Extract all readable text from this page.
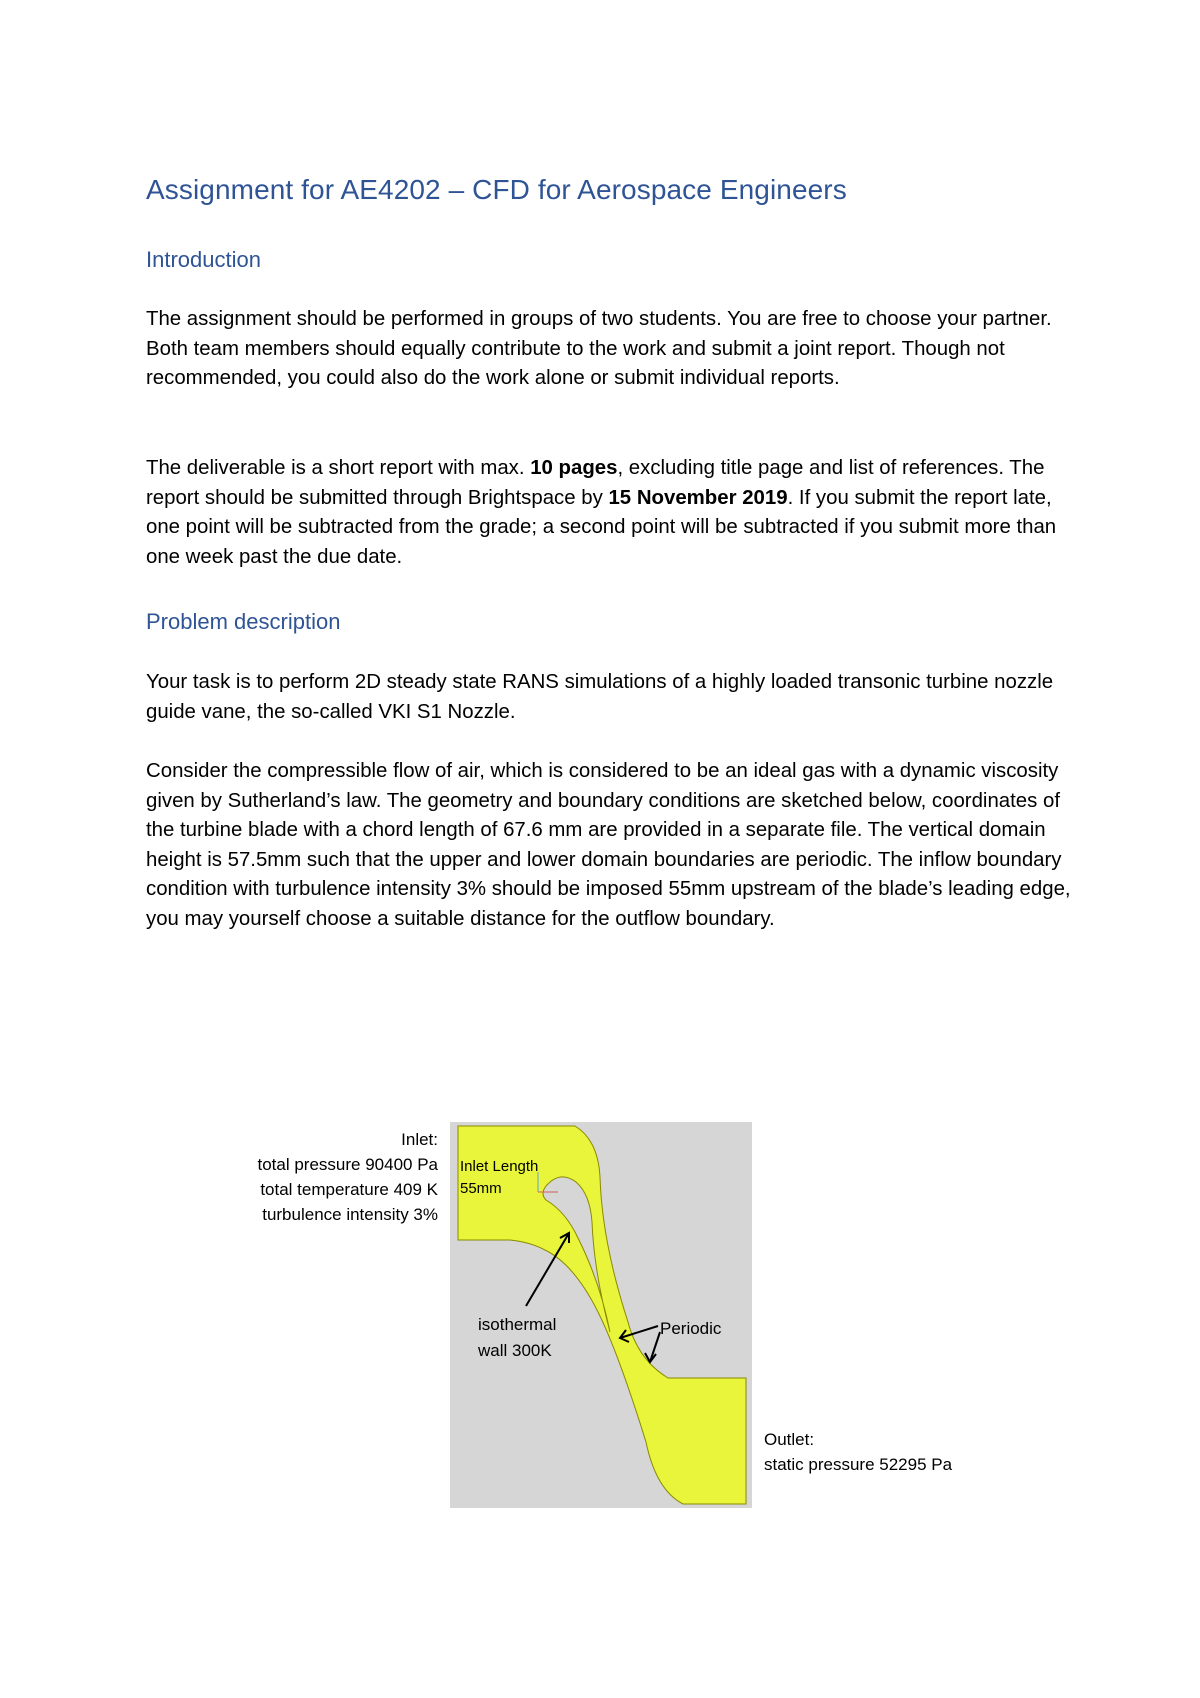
Assignment for AE4202 – CFD for Aerospace Engineers
Introduction

The assignment should be performed in groups of two students. You are free to choose your partner. Both team members should equally contribute to the work and submit a joint report. Though not recommended, you could also do the work alone or submit individual reports.

The deliverable is a short report with max. 10 pages, excluding title page and list of references. The report should be submitted through Brightspace by 15 November 2019. If you submit the report late, one point will be subtracted from the grade; a second point will be subtracted if you submit more than one week past the due date.

Problem description

Your task is to perform 2D steady state RANS simulations of a highly loaded transonic turbine nozzle guide vane, the so-called VKI S1 Nozzle.

Consider the compressible flow of air, which is considered to be an ideal gas with a dynamic viscosity given by Sutherland’s law. The geometry and boundary conditions are sketched below, coordinates of the turbine blade with a chord length of 67.6 mm are provided in a separate file. The vertical domain height is 57.5mm such that the upper and lower domain boundaries are periodic. The inflow boundary condition with turbulence intensity 3% should be imposed 55mm upstream of the blade’s leading edge, you may yourself choose a suitable distance for the outflow boundary.

Inlet:
total pressure 90400 Pa
total temperature 409 K
turbulence intensity 3%
Inlet Length
55mm
isothermal
wall 300K
Periodic
Outlet:
static pressure 52295 Pa
